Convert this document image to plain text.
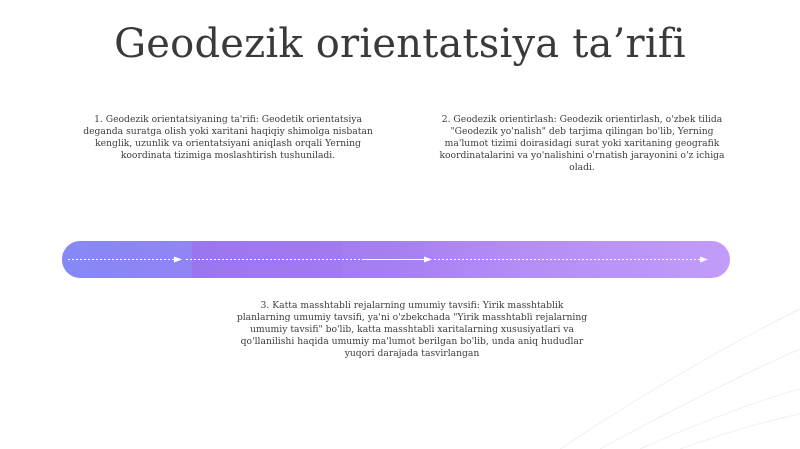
Geodezik orientatsiya ta’rifi
1. Geodezik orientatsiyaning ta'rifi: Geodetik orientatsiya deganda suratga olish yoki xaritani haqiqiy shimolga nisbatan kenglik, uzunlik va orientatsiyani aniqlash orqali Yerning koordinata tizimiga moslashtirish tushuniladi.
2. Geodezik orientirlash: Geodezik orientirlash, o'zbek tilida "Geodezik yo'nalish" deb tarjima qilingan bo'lib, Yerning ma'lumot tizimi doirasidagi surat yoki xaritaning geografik koordinatalarini va yo'nalishini o'rnatish jarayonini o'z ichiga oladi.
3. Katta masshtabli rejalarning umumiy tavsifi: Yirik masshtablik planlarning umumiy tavsifi, ya'ni o'zbekchada "Yirik masshtabli rejalarning umumiy tavsifi" bo'lib, katta masshtabli xaritalarning xususiyatlari va qo'llanilishi haqida umumiy ma'lumot berilgan bo'lib, unda aniq hududlar yuqori darajada tasvirlangan
